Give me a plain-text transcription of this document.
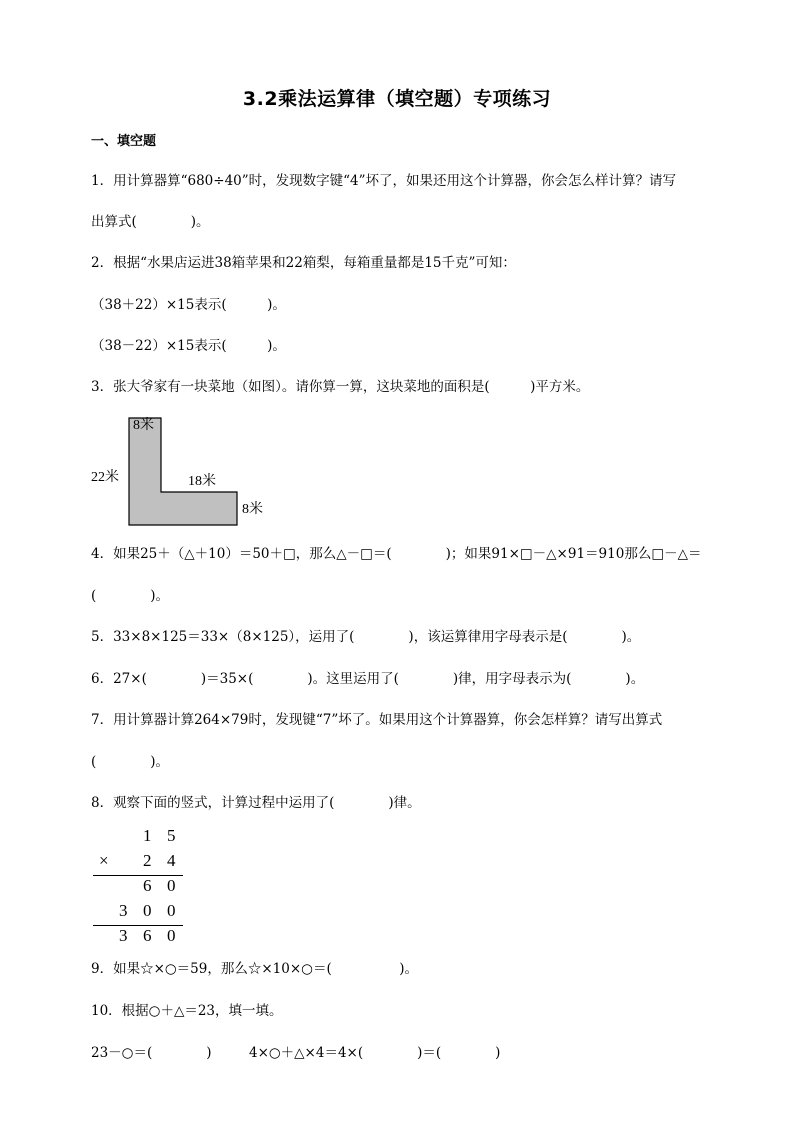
3.2乘法运算律（填空题）专项练习
一、填空题
1．用计算器算“680÷40”时，发现数字键“4”坏了，如果还用这个计算器，你会怎么样计算？请写
出算式(　　　　)。
2．根据“水果店运进38箱苹果和22箱梨，每箱重量都是15千克”可知：
（38＋22）×15表示(　　　)。
（38－22）×15表示(　　　)。
3．张大爷家有一块菜地（如图）。请你算一算，这块菜地的面积是(　　　)平方米。
8米
22米	18米
8米
4．如果25＋（△＋10）＝50＋□，那么△－□＝(　　　　)；如果91×□－△×91＝910那么□－△＝
(　　　　)。
5．33×8×125＝33×（8×125），运用了(　　　　)，该运算律用字母表示是(　　　　)。
6．27×(　　　　)＝35×(　　　　)。这里运用了(　　　　)律，用字母表示为(　　　　)。
7．用计算器计算264×79时，发现键“7”坏了。如果用这个计算器算，你会怎样算？请写出算式
(　　　　)。
8．观察下面的竖式，计算过程中运用了(　　　　)律。
1 5
× 2 4
6 0
3 0 0
3 6 0
9．如果☆×○＝59，那么☆×10×○＝(　　　　　)。
10．根据○＋△＝23，填一填。
23－○＝(　　　　)	4×○＋△×4＝4×(　　　　)＝(　　　　)
